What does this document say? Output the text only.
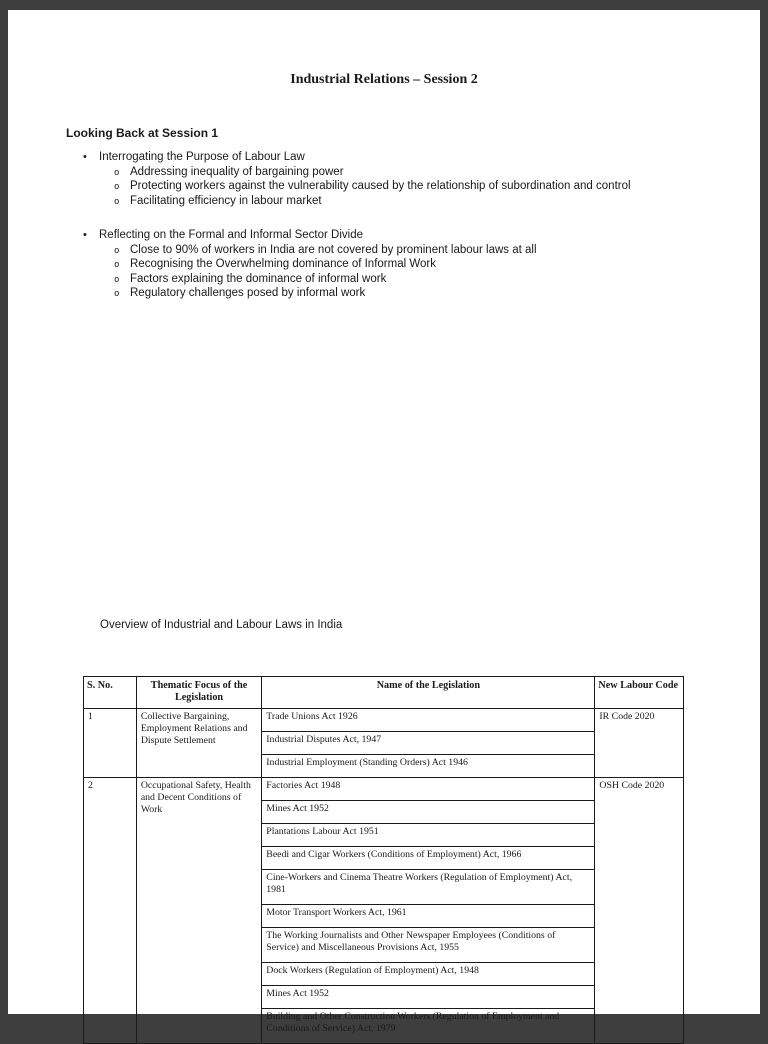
Industrial Relations – Session 2
Looking Back at Session 1
• Interrogating the Purpose of Labour Law
o Addressing inequality of bargaining power
o Protecting workers against the vulnerability caused by the relationship of subordination and control
o Facilitating efficiency in labour market
• Reflecting on the Formal and Informal Sector Divide
o Close to 90% of workers in India are not covered by prominent labour laws at all
o Recognising the Overwhelming dominance of Informal Work
o Factors explaining the dominance of informal work
o Regulatory challenges posed by informal work
Overview of Industrial and Labour Laws in India
S. No.	Thematic Focus of the Legislation	Name of the Legislation	New Labour Code
1	Collective Bargaining, Employment Relations and Dispute Settlement	Trade Unions Act 1926	IR Code 2020
		Industrial Disputes Act, 1947	
		Industrial Employment (Standing Orders) Act 1946	
2	Occupational Safety, Health and Decent Conditions of Work	Factories Act 1948	OSH Code 2020
		Mines Act 1952	
		Plantations Labour Act 1951	
		Beedi and Cigar Workers (Conditions of Employment) Act, 1966	
		Cine-Workers and Cinema Theatre Workers (Regulation of Employment) Act, 1981	
		Motor Transport Workers Act, 1961	
		The Working Journalists and Other Newspaper Employees (Conditions of Service) and Miscellaneous Provisions Act, 1955	
		Dock Workers (Regulation of Employment) Act, 1948	
		Mines Act 1952	
		Building and Other Construction Workers (Regulation of Employment and Conditions of Service) Act, 1979	
